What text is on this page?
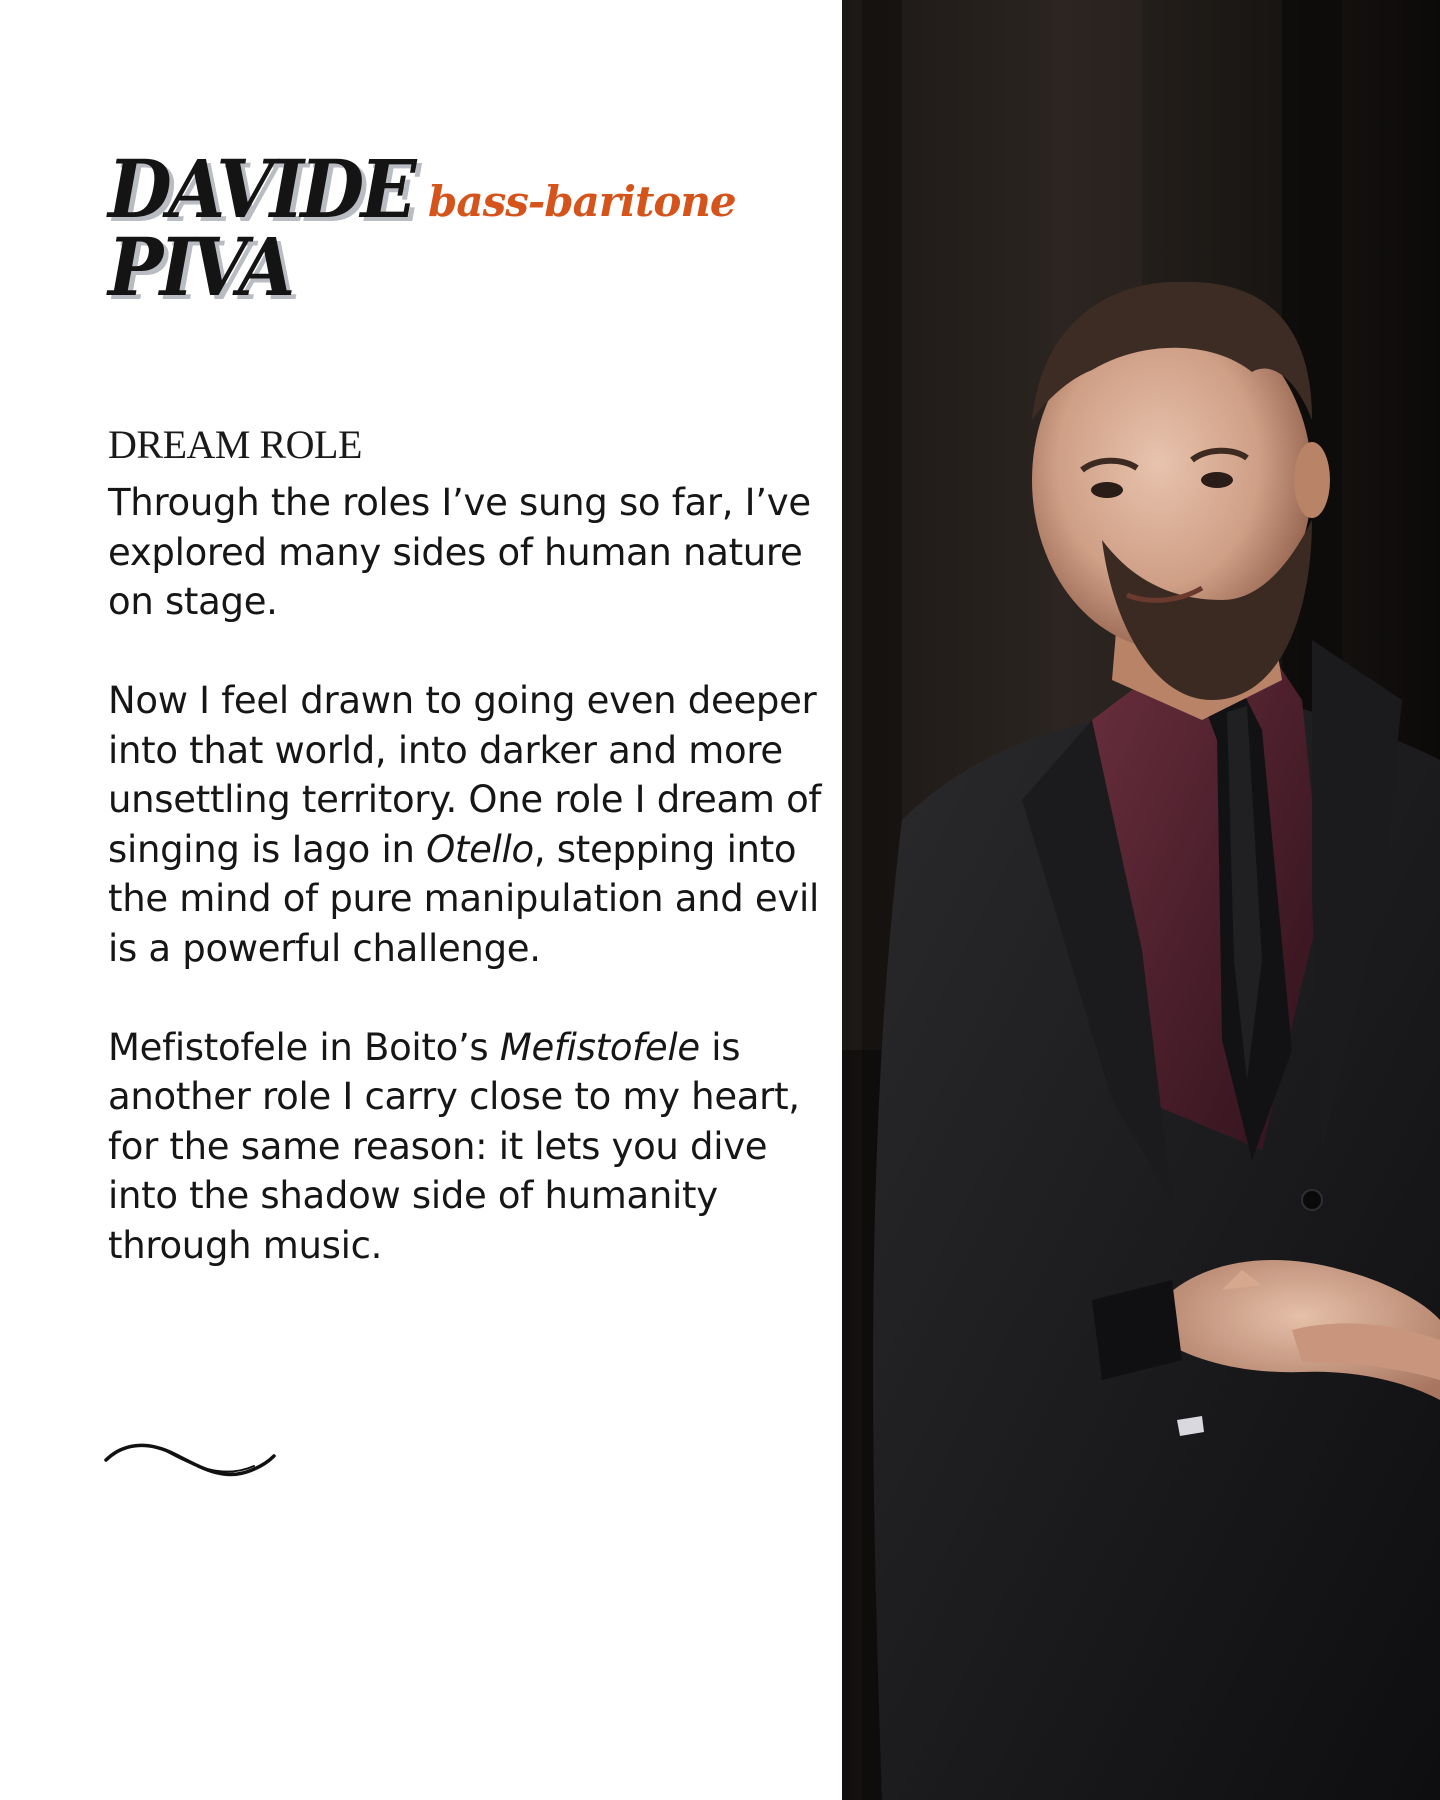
DAVIDE
PIVA
bass-baritone
DREAM ROLE

Through the roles I’ve sung so far, I’ve explored many sides of human nature on stage.

Now I feel drawn to going even deeper into that world, into darker and more unsettling territory. One role I dream of singing is Iago in Otello, stepping into the mind of pure manipulation and evil is a powerful challenge.

Mefistofele in Boito’s Mefistofele is another role I carry close to my heart, for the same reason: it lets you dive into the shadow side of humanity through music.
